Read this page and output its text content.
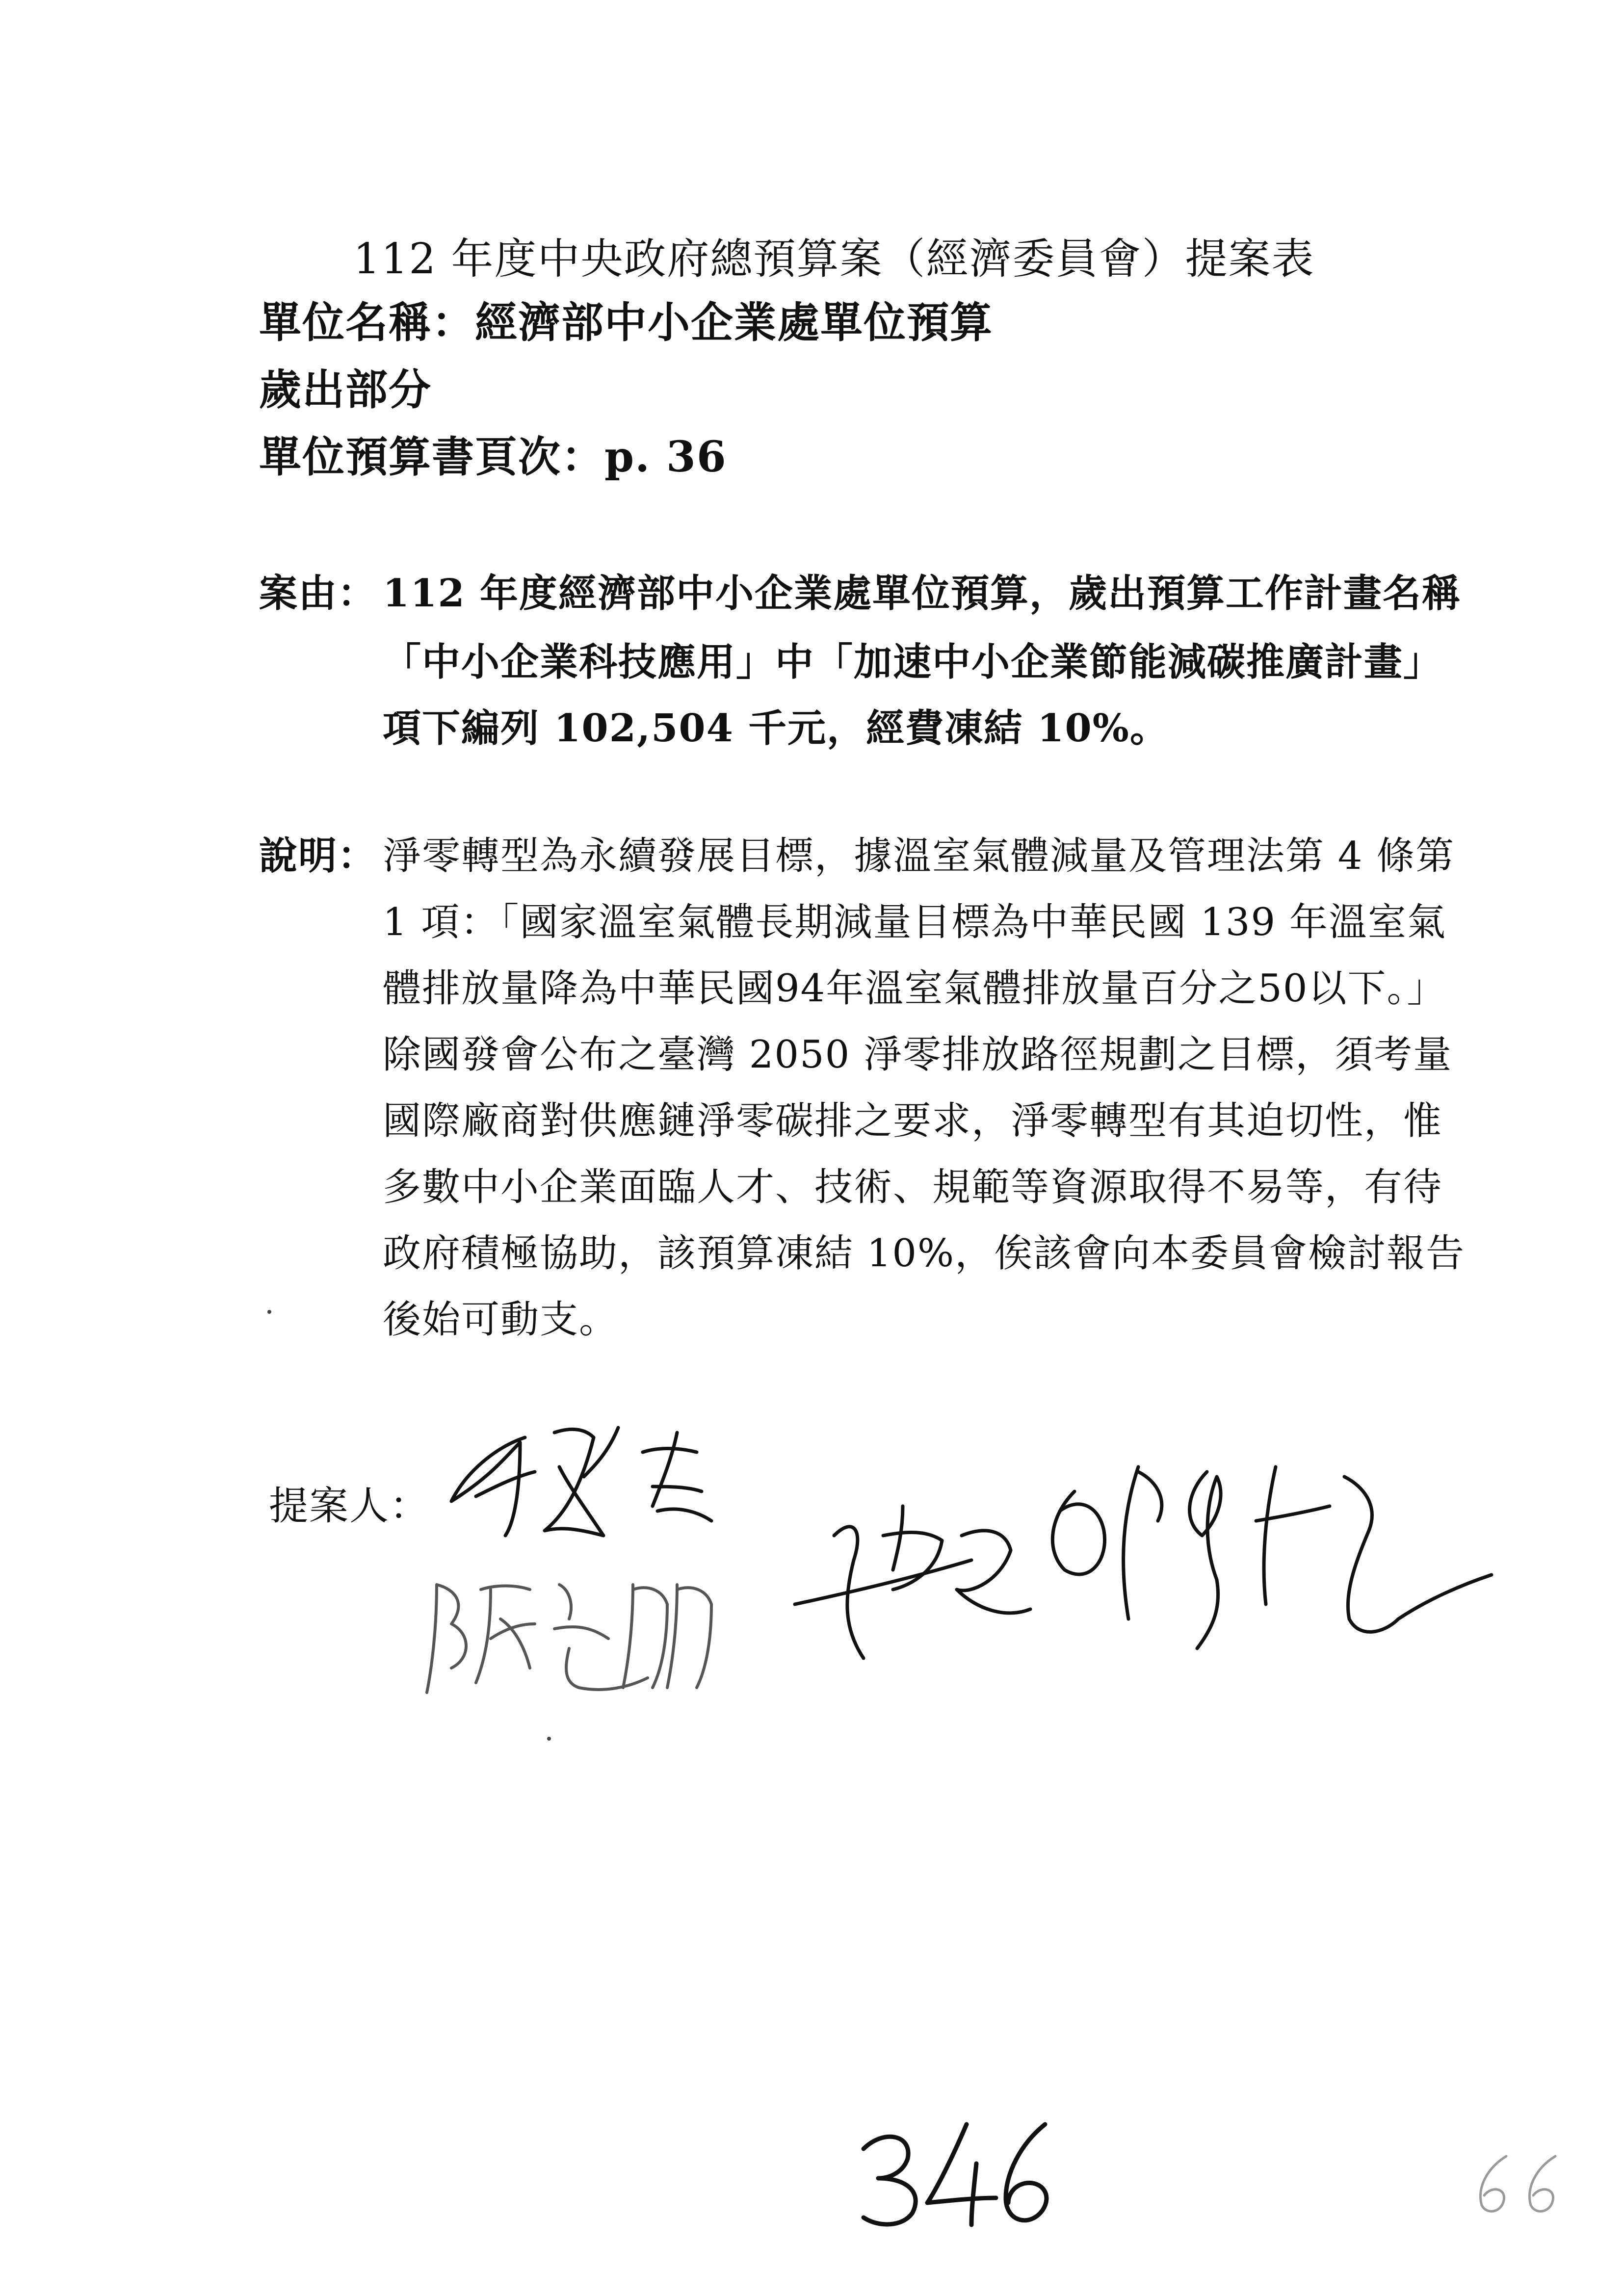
112 年度中央政府總預算案（經濟委員會）提案表
單位名稱：經濟部中小企業處單位預算
歲出部分
單位預算書頁次：p. 36
案由： 112 年度經濟部中小企業處單位預算，歲出預算工作計畫名稱
「中小企業科技應用」中「加速中小企業節能減碳推廣計畫」
項下編列 102,504 千元，經費凍結 10%。
說明： 淨零轉型為永續發展目標，據溫室氣體減量及管理法第 4 條第
1 項：「國家溫室氣體長期減量目標為中華民國 139 年溫室氣
體排放量降為中華民國94年溫室氣體排放量百分之50以下。」
除國發會公布之臺灣 2050 淨零排放路徑規劃之目標，須考量
國際廠商對供應鏈淨零碳排之要求，淨零轉型有其迫切性，惟
多數中小企業面臨人才、技術、規範等資源取得不易等，有待
政府積極協助，該預算凍結 10%，俟該會向本委員會檢討報告
後始可動支。
提案人：
